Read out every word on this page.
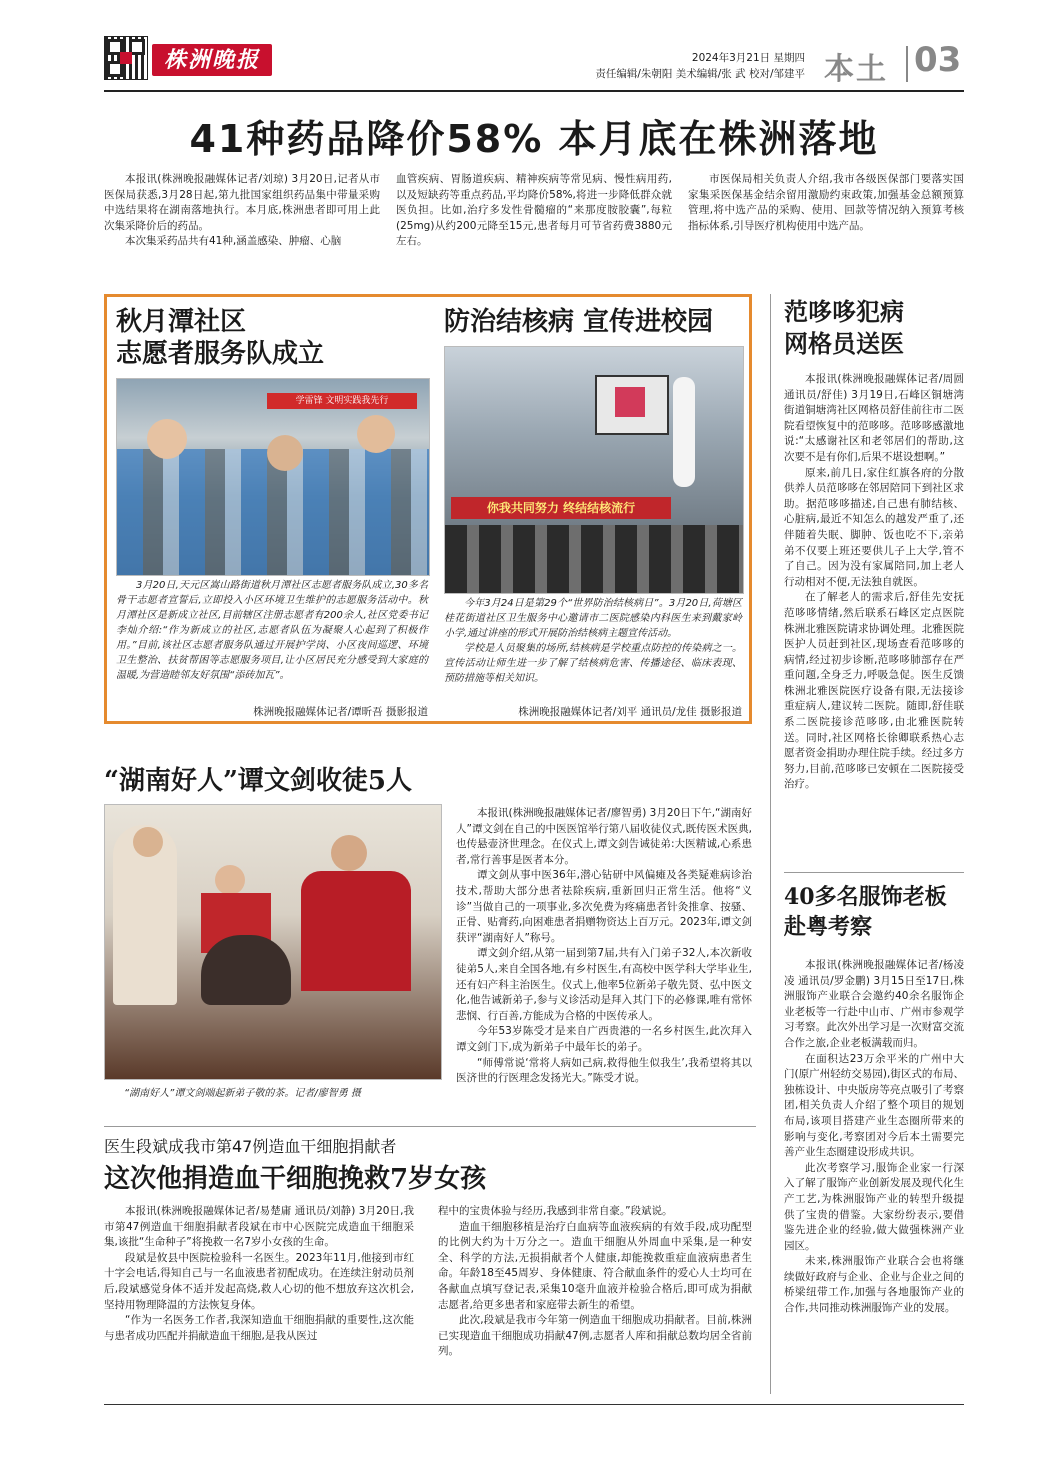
株洲晚报	2024年3月21日 星期四
责任编辑/朱朝阳 美术编辑/张 武 校对/邹建平 本土 03
41种药品降价58% 本月底在株洲落地

本报讯(株洲晚报融媒体记者/刘琼) 3月20日,记者从市医保局获悉,3月28日起,第九批国家组织药品集中带量采购中选结果将在湖南落地执行。本月底,株洲患者即可用上此次集采降价后的药品。

本次集采药品共有41种,涵盖感染、肿瘤、心脑

血管疾病、胃肠道疾病、精神疾病等常见病、慢性病用药,以及短缺药等重点药品,平均降价58%,将进一步降低群众就医负担。比如,治疗多发性骨髓瘤的“来那度胺胶囊”,每粒(25mg)从约200元降至15元,患者每月可节省药费3880元左右。

市医保局相关负责人介绍,我市各级医保部门要落实国家集采医保基金结余留用激励约束政策,加强基金总额预算管理,将中选产品的采购、使用、回款等情况纳入预算考核指标体系,引导医疗机构使用中选产品。

秋月潭社区
志愿者服务队成立
学雷锋 文明实践我先行
3月20日,天元区嵩山路街道秋月潭社区志愿者服务队成立,30多名骨干志愿者宣誓后,立即投入小区环境卫生维护的志愿服务活动中。秋月潭社区是新成立社区,目前辖区注册志愿者有200余人,社区党委书记李灿介绍:“作为新成立的社区,志愿者队伍为凝聚人心起到了积极作用。”目前,该社区志愿者服务队通过开展护学岗、小区夜间巡逻、环境卫生整治、扶贫帮困等志愿服务项目,让小区居民充分感受到大家庭的温暖,为营造睦邻友好氛围“添砖加瓦”。
株洲晚报融媒体记者/谭昕吾 摄影报道
防治结核病 宣传进校园
你我共同努力 终结结核流行
今年3月24日是第29个“世界防治结核病日”。3月20日,荷塘区桂花街道社区卫生服务中心邀请市二医院感染内科医生来到戴家岭小学,通过讲座的形式开展防治结核病主题宣传活动。
学校是人员聚集的场所,结核病是学校重点防控的传染病之一。宣传活动让师生进一步了解了结核病危害、传播途径、临床表现、预防措施等相关知识。
株洲晚报融媒体记者/刘平 通讯员/龙佳 摄影报道
范哆哆犯病
网格员送医

本报讯(株洲晚报融媒体记者/周圆 通讯员/舒佳) 3月19日,石峰区铜塘湾街道铜塘湾社区网格员舒佳前往市二医院看望恢复中的范哆哆。范哆哆感激地说:“太感谢社区和老邻居们的帮助,这次要不是有你们,后果不堪设想啊。”

原来,前几日,家住红旗各府的分散供养人员范哆哆在邻居陪同下到社区求助。据范哆哆描述,自己患有肺结核、心脏病,最近不知怎么的越发严重了,还伴随着失眠、脚肿、饭也吃不下,亲弟弟不仅要上班还要供儿子上大学,管不了自己。因为没有家属陪同,加上老人行动相对不便,无法独自就医。

在了解老人的需求后,舒佳先安抚范哆哆情绪,然后联系石峰区定点医院株洲北雅医院请求协调处理。北雅医院医护人员赶到社区,现场查看范哆哆的病情,经过初步诊断,范哆哆肺部存在严重问题,全身乏力,呼吸急促。医生反馈株洲北雅医院医疗设备有限,无法接诊重症病人,建议转二医院。随即,舒佳联系二医院接诊范哆哆,由北雅医院转送。同时,社区网格长徐卿联系热心志愿者资金捐助办理住院手续。经过多方努力,目前,范哆哆已安顿在二医院接受治疗。

40多名服饰老板
赴粤考察

本报讯(株洲晚报融媒体记者/杨凌凌 通讯员/罗金鹏) 3月15日至17日,株洲服饰产业联合会邀约40余名服饰企业老板等一行赴中山市、广州市参观学习考察。此次外出学习是一次财富交流合作之旅,企业老板满载而归。

在面积达23万余平米的广州中大门(原广州轻纺交易园),街区式的布局、独栋设计、中央版房等亮点吸引了考察团,相关负责人介绍了整个项目的规划布局,该项目搭建产业生态圈所带来的影响与变化,考察团对今后本土需要完善产业生态圈建设形成共识。

此次考察学习,服饰企业家一行深入了解了服饰产业创新发展及现代化生产工艺,为株洲服饰产业的转型升级提供了宝贵的借鉴。大家纷纷表示,要借鉴先进企业的经验,做大做强株洲产业园区。

未来,株洲服饰产业联合会也将继续做好政府与企业、企业与企业之间的桥梁纽带工作,加强与各地服饰产业的合作,共同推动株洲服饰产业的发展。

“湖南好人”谭文剑收徒5人
“湖南好人”谭文剑端起新弟子敬的茶。记者/廖智勇 摄

本报讯(株洲晚报融媒体记者/廖智勇) 3月20日下午,“湖南好人”谭文剑在自己的中医医馆举行第八届收徒仪式,既传医术医典,也传悬壶济世理念。在仪式上,谭文剑告诫徒弟:大医精诚,心系患者,常行善事是医者本分。

谭文剑从事中医36年,潜心钻研中风偏瘫及各类疑难病诊治技术,帮助大部分患者祛除疾病,重新回归正常生活。他将“义诊”当做自己的一项事业,多次免费为疼痛患者针灸推拿、按骚、正骨、贴膏药,向困难患者捐赠物资达上百万元。2023年,谭文剑获评“湖南好人”称号。

谭文剑介绍,从第一届到第7届,共有入门弟子32人,本次新收徒弟5人,来自全国各地,有乡村医生,有高校中医学科大学毕业生,还有妇产科主治医生。仪式上,他率5位新弟子敬先贤、弘中医文化,他告诫新弟子,参与义诊活动是拜入其门下的必修课,唯有常怀悲悯、行百善,方能成为合格的中医传承人。

今年53岁陈受才是来自广西贵港的一名乡村医生,此次拜入谭文剑门下,成为新弟子中最年长的弟子。

“师傅常说‘常将人病如己病,救得他生似我生’,我希望将其以医济世的行医理念发扬光大。”陈受才说。

医生段斌成我市第47例造血干细胞捐献者
这次他捐造血干细胞挽救7岁女孩

本报讯(株洲晚报融媒体记者/易楚庸 通讯员/刘静) 3月20日,我市第47例造血干细胞捐献者段斌在市中心医院完成造血干细胞采集,该批“生命种子”将挽救一名7岁小女孩的生命。

段斌是攸县中医院检验科一名医生。2023年11月,他接到市红十字会电话,得知自己与一名血液患者初配成功。在连续注射动员剂后,段斌感觉身体不适并发起高烧,救人心切的他不想放弃这次机会,坚持用物理降温的方法恢复身体。

“作为一名医务工作者,我深知造血干细胞捐献的重要性,这次能与患者成功匹配并捐献造血干细胞,是我从医过

程中的宝贵体验与经历,我感到非常自豪。”段斌说。

造血干细胞移植是治疗白血病等血液疾病的有效手段,成功配型的比例大约为十万分之一。造血干细胞从外周血中采集,是一种安全、科学的方法,无损捐献者个人健康,却能挽救重症血液病患者生命。年龄18至45周岁、身体健康、符合献血条件的爱心人士均可在各献血点填写登记表,采集10毫升血液并检验合格后,即可成为捐献志愿者,给更多患者和家庭带去新生的希望。

此次,段斌是我市今年第一例造血干细胞成功捐献者。目前,株洲已实现造血干细胞成功捐献47例,志愿者人库和捐献总数均居全省前列。
